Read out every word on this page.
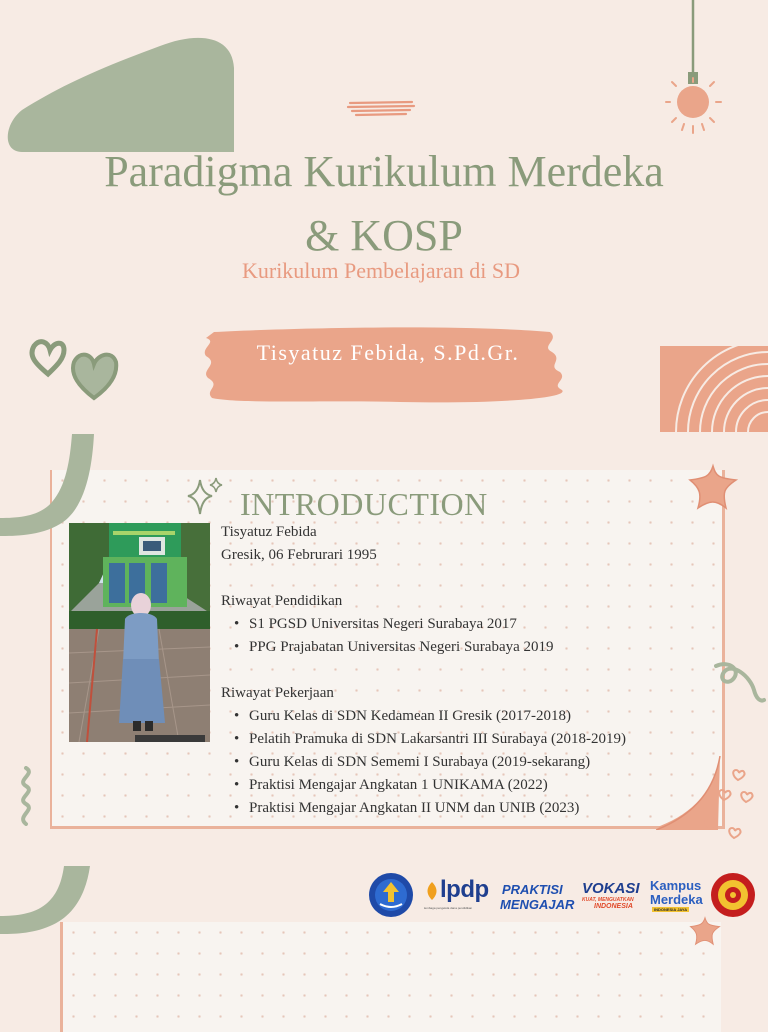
Paradigma Kurikulum Merdeka
& KOSP
Kurikulum Pembelajaran di SD
Tisyatuz Febida, S.Pd.Gr.
INTRODUCTION
Tisyatuz Febida
Gresik, 06 Februrari 1995
Riwayat Pendidikan
• S1 PGSD Universitas Negeri Surabaya 2017
• PPG Prajabatan Universitas Negeri Surabaya 2019
Riwayat Pekerjaan
• Guru Kelas di SDN Kedamean II Gresik (2017-2018)
• Pelatih Pramuka di SDN Lakarsantri III Surabaya (2018-2019)
• Guru Kelas di SDN Sememi I Surabaya (2019-sekarang)
• Praktisi Mengajar Angkatan 1 UNIKAMA (2022)
• Praktisi Mengajar Angkatan II UNM dan UNIB (2023)
lpdp
lembaga pengelola dana pendidikan
PRAKTISI
MENGAJAR
VOKASI
KUAT, MENGUATKAN
INDONESIA
Kampus
Merdeka
INDONESIA JAYA
